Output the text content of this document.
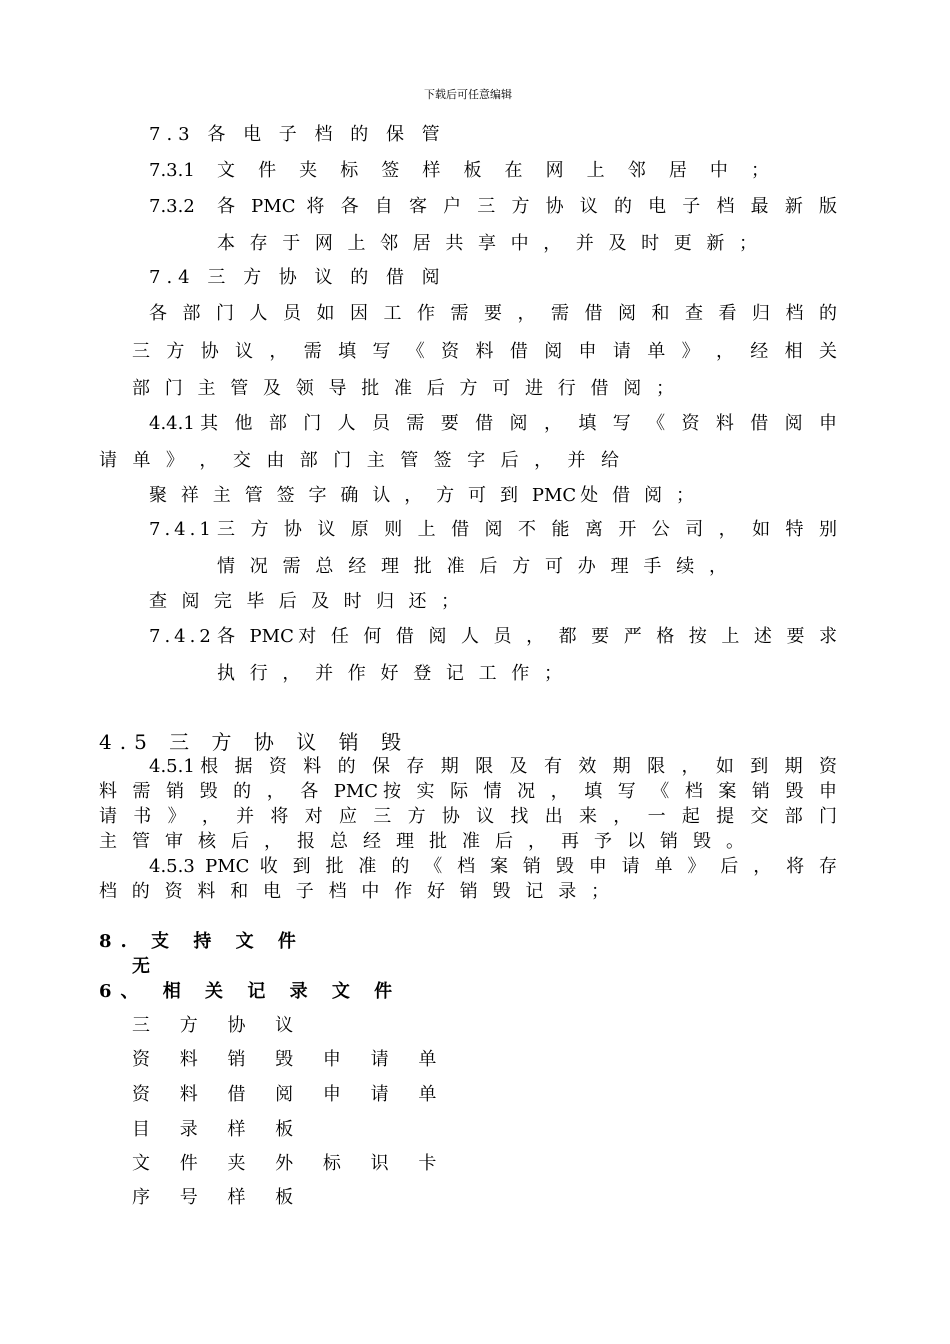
下载后可任意编辑
7.3 各 电 子 档 的 保 管
7.3.1 文 件 夹 标 签 样 板 在 网 上 邻 居 中 ；
7.3.2 各 PMC 将 各 自 客 户 三 方 协 议 的 电 子 档 最 新 版
本 存 于 网 上 邻 居 共 享 中 ， 并 及 时 更 新 ；
7.4 三 方 协 议 的 借 阅
各 部 门 人 员 如 因 工 作 需 要 ， 需 借 阅 和 查 看 归 档 的
三 方 协 议 ， 需 填 写 《 资 料 借 阅 申 请 单 》 ， 经 相 关
部 门 主 管 及 领 导 批 准 后 方 可 进 行 借 阅 ；
4.4.1其 他 部 门 人 员 需 要 借 阅 ， 填 写 《 资 料 借 阅 申
请 单 》 ， 交 由 部 门 主 管 签 字 后 ， 并 给
聚 祥 主 管 签 字 确 认 ， 方 可 到 PMC处 借 阅 ；
7.4.1 三 方 协 议 原 则 上 借 阅 不 能 离 开 公 司 ， 如 特 别
情 况 需 总 经 理 批 准 后 方 可 办 理 手 续 ，
查 阅 完 毕 后 及 时 归 还 ；
7.4.2 各 PMC对 任 何 借 阅 人 员 ， 都 要 严 格 按 上 述 要 求
执 行 ， 并 作 好 登 记 工 作 ；
4.5 三 方 协 议 销 毁
4.5.1根 据 资 料 的 保 存 期 限 及 有 效 期 限 ， 如 到 期 资
料 需 销 毁 的 ， 各 PMC按 实 际 情 况 ， 填 写 《 档 案 销 毁 申
请 书 》 ， 并 将 对 应 三 方 协 议 找 出 来 ， 一 起 提 交 部 门
主 管 审 核 后 ， 报 总 经 理 批 准 后 ， 再 予 以 销 毁 。
4.5.3 PMC 收 到 批 准 的 《 档 案 销 毁 申 请 单 》 后 ， 将 存
档 的 资 料 和 电 子 档 中 作 好 销 毁 记 录 ；
8. 支 持 文 件
无
6、 相 关 记 录 文 件
三 方 协 议
资 料 销 毁 申 请 单
资 料 借 阅 申 请 单
目 录 样 板
文 件 夹 外 标 识 卡
序 号 样 板
